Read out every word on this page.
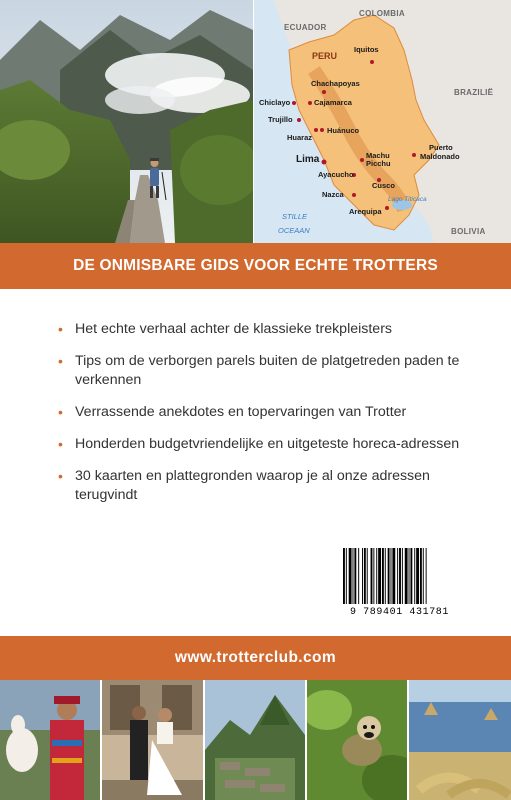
ECUADOR
COLOMBIA
BRAZILIË
BOLIVIA
PERU
Iquitos
Chachapoyas
Chiclayo	Cajamarca
Trujillo
Huaraz
Huánuco
Puerto
Maldonado
Machu
Picchu
Lima
Ayacucho
Cusco
Nazca
Arequipa
Lago Titicaca
STILLE
OCEAAN
DE ONMISBARE GIDS VOOR ECHTE TROTTERS
• Het echte verhaal achter de klassieke trekpleisters
• Tips om de verborgen parels buiten de platgetreden paden te verkennen
• Verrassende anekdotes en topervaringen van Trotter
• Honderden budgetvriendelijke en uitgeteste horeca-adressen
• 30 kaarten en plattegronden waarop je al onze adressen terugvindt
9 789401 431781
www.trotterclub.com
